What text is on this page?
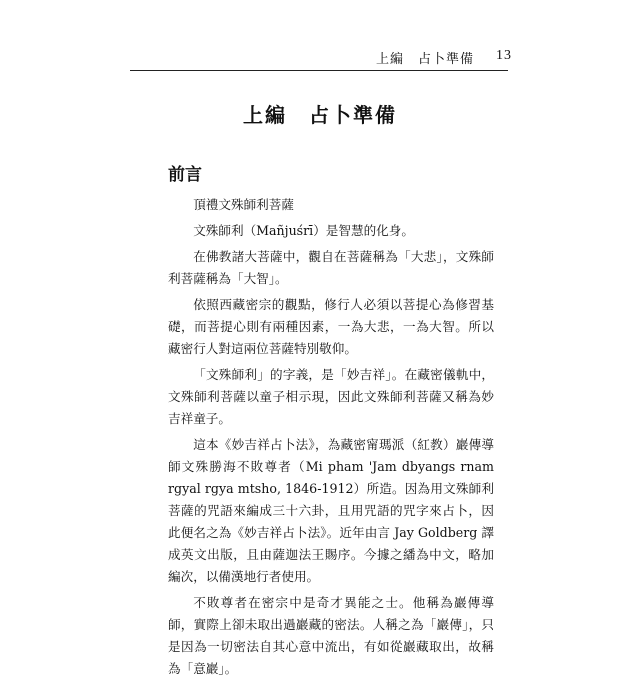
上編　占卜準備 13
上編　占卜準備
前言

頂禮文殊師利菩薩

文殊師利（Mañjuśrī）是智慧的化身。

在佛教諸大菩薩中，觀自在菩薩稱為「大悲」，文殊師利菩薩稱為「大智」。

依照西藏密宗的觀點，修行人必須以菩提心為修習基礎，而菩提心則有兩種因素，一為大悲，一為大智。所以藏密行人對這兩位菩薩特別敬仰。

「文殊師利」的字義，是「妙吉祥」。在藏密儀軌中，文殊師利菩薩以童子相示現，因此文殊師利菩薩又稱為妙吉祥童子。

這本《妙吉祥占卜法》，為藏密甯瑪派（紅教）巖傳導師文殊勝海不敗尊者（Mi pham 'Jam dbyangs rnam rgyal rgya mtsho, 1846-1912）所造。因為用文殊師利菩薩的咒語來編成三十六卦，且用咒語的咒字來占卜，因此便名之為《妙吉祥占卜法》。近年由言 Jay Goldberg 譯成英文出版，且由薩迦法王賜序。今據之繙為中文，略加編次，以備漢地行者使用。

不敗尊者在密宗中是奇才異能之士。他稱為巖傳導師，實際上卻未取出過巖藏的密法。人稱之為「巖傳」，只是因為一切密法自其心意中流出，有如從巖藏取出，故稱為「意巖」。
